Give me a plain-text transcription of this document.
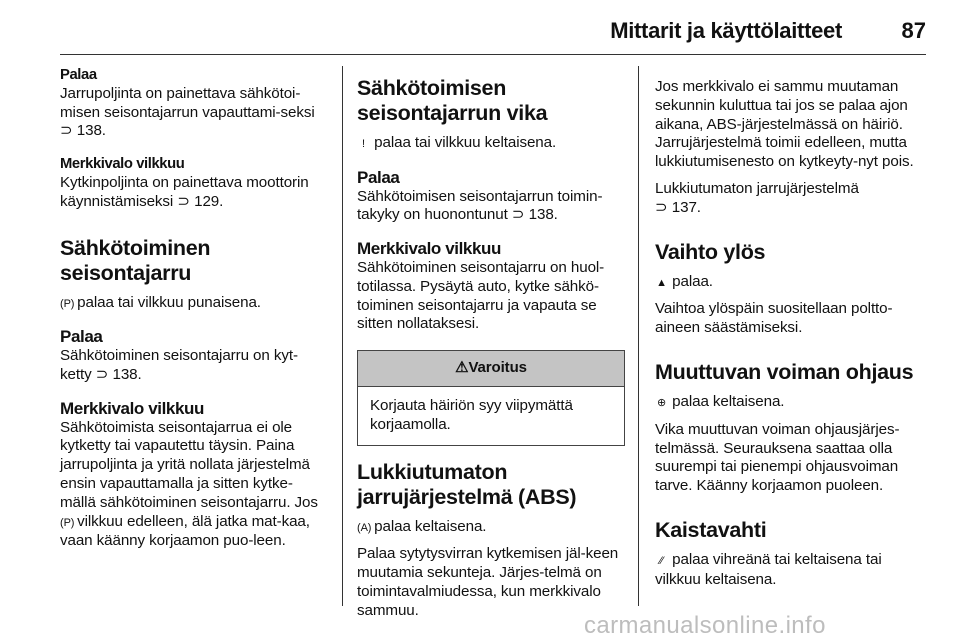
Mittarit ja käyttölaitteet	87
Palaa

Jarrupoljinta on painettava sähkötoi-misen seisontajarrun vapauttami-seksi ⊃ 138.

Merkkivalo vilkkuu

Kytkinpoljinta on painettava moottorin käynnistämiseksi ⊃ 129.

Sähkötoiminen seisontajarru

(P) palaa tai vilkkuu punaisena.

Palaa

Sähkötoiminen seisontajarru on kyt-ketty ⊃ 138.

Merkkivalo vilkkuu

Sähkötoimista seisontajarrua ei ole kytketty tai vapautettu täysin. Paina jarrupoljinta ja yritä nollata järjestelmä ensin vapauttamalla ja sitten kytke-mällä sähkötoiminen seisontajarru. Jos (P) vilkkuu edelleen, älä jatka mat-kaa, vaan käänny korjaamon puo-leen.

Sähkötoimisen seisontajarrun vika

! palaa tai vilkkuu keltaisena.

Palaa

Sähkötoimisen seisontajarrun toimin-takyky on huonontunut ⊃ 138.

Merkkivalo vilkkuu

Sähkötoiminen seisontajarru on huol-totilassa. Pysäytä auto, kytke sähkö-toiminen seisontajarru ja vapauta se sitten nollataksesi.

⚠Varoitus
Korjauta häiriön syy viipymättä korjaamolla.
Lukkiutumaton jarrujärjestelmä (ABS)

(A) palaa keltaisena.

Palaa sytytysvirran kytkemisen jäl-keen muutamia sekunteja. Järjes-telmä on toimintavalmiudessa, kun merkkivalo sammuu.

Jos merkkivalo ei sammu muutaman sekunnin kuluttua tai jos se palaa ajon aikana, ABS-järjestelmässä on häiriö. Jarrujärjestelmä toimii edelleen, mutta lukkiutumisenesto on kytkeyty-nyt pois.

Lukkiutumaton jarrujärjestelmä
⊃ 137.

Vaihto ylös

▲ palaa.

Vaihtoa ylöspäin suositellaan poltto-aineen säästämiseksi.

Muuttuvan voiman ohjaus

⊕ palaa keltaisena.

Vika muuttuvan voiman ohjausjärjes-telmässä. Seurauksena saattaa olla suurempi tai pienempi ohjausvoiman tarve. Käänny korjaamon puoleen.

Kaistavahti

⁄⁄ palaa vihreänä tai keltaisena tai vilkkuu keltaisena.

carmanualsonline.info
